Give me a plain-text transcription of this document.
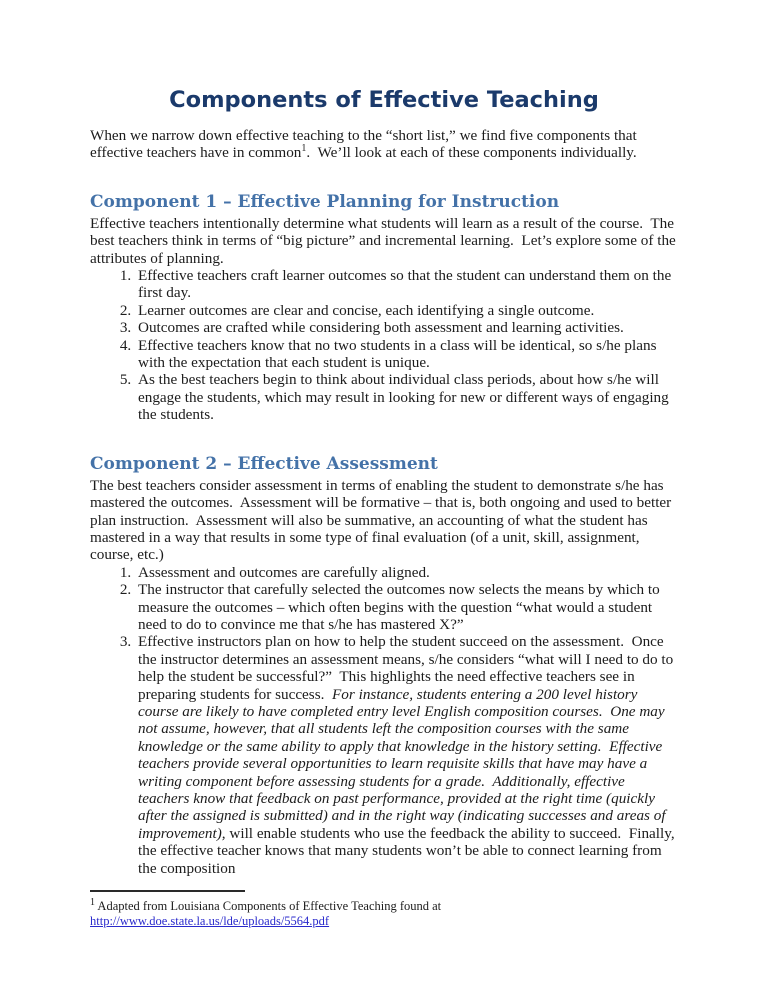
Components of Effective Teaching

When we narrow down effective teaching to the “short list,” we find five components that effective teachers have in common$^1$.  We’ll look at each of these components individually.

Component 1 – Effective Planning for Instruction

Effective teachers intentionally determine what students will learn as a result of the course.  The best teachers think in terms of “big picture” and incremental learning.  Let’s explore some of the attributes of planning.

1. Effective teachers craft learner outcomes so that the student can understand them on the first day.
2. Learner outcomes are clear and concise, each identifying a single outcome.
3. Outcomes are crafted while considering both assessment and learning activities.
4. Effective teachers know that no two students in a class will be identical, so s/he plans with the expectation that each student is unique.
5. As the best teachers begin to think about individual class periods, about how s/he will engage the students, which may result in looking for new or different ways of engaging the students.
Component 2 – Effective Assessment

The best teachers consider assessment in terms of enabling the student to demonstrate s/he has mastered the outcomes.  Assessment will be formative – that is, both ongoing and used to better plan instruction.  Assessment will also be summative, an accounting of what the student has mastered in a way that results in some type of final evaluation (of a unit, skill, assignment, course, etc.)

1. Assessment and outcomes are carefully aligned.
2. The instructor that carefully selected the outcomes now selects the means by which to measure the outcomes – which often begins with the question “what would a student need to do to convince me that s/he has mastered X?”
3. Effective instructors plan on how to help the student succeed on the assessment.  Once the instructor determines an assessment means, s/he considers “what will I need to do to help the student be successful?”  This highlights the need effective teachers see in preparing students for success.  For instance, students entering a 200 level history course are likely to have completed entry level English composition courses.  One may not assume, however, that all students left the composition courses with the same knowledge or the same ability to apply that knowledge in the history setting.  Effective teachers provide several opportunities to learn requisite skills that have may have a writing component before assessing students for a grade.  Additionally, effective teachers know that feedback on past performance, provided at the right time (quickly after the assigned is submitted) and in the right way (indicating successes and areas of improvement), will enable students who use the feedback the ability to succeed.  Finally, the effective teacher knows that many students won’t be able to connect learning from the composition

$^1$ Adapted from Louisiana Components of Effective Teaching found at http://www.doe.state.la.us/lde/uploads/5564.pdf
